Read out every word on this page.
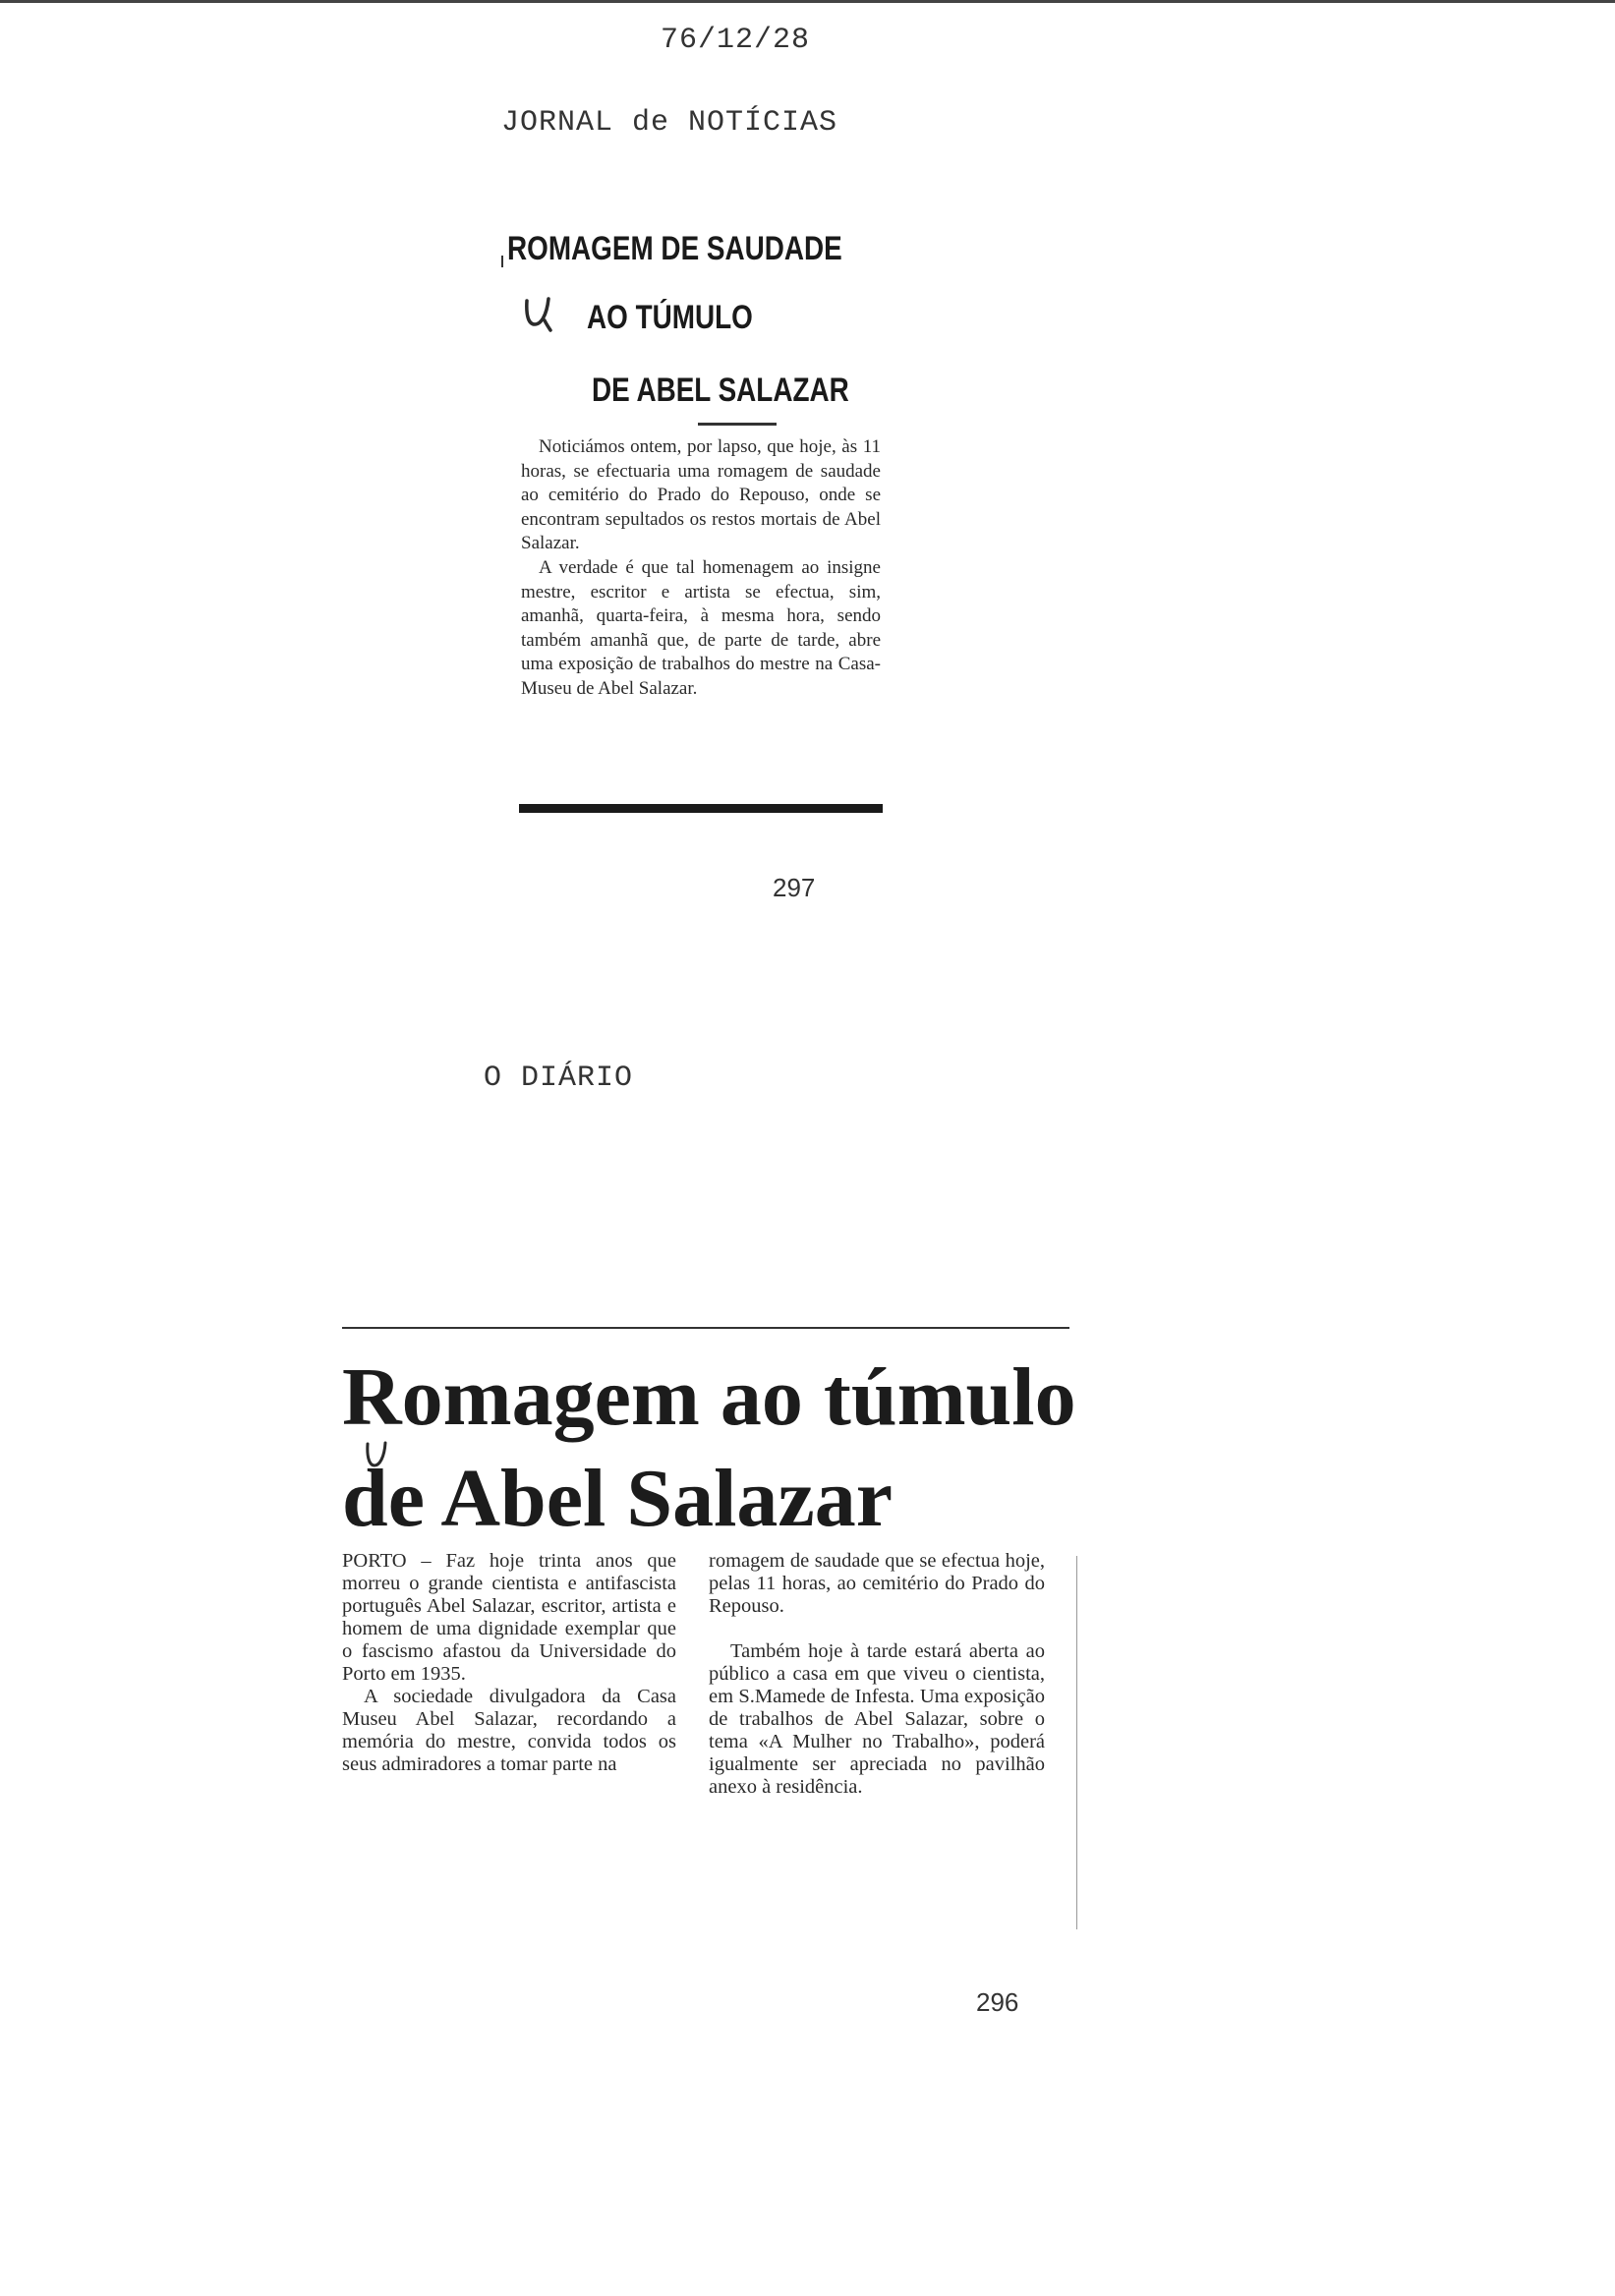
76/12/28
JORNAL de NOTÍCIAS
ROMAGEM DE SAUDADE
AO TÚMULO
DE ABEL SALAZAR

Noticiámos ontem, por lapso, que hoje, às 11 horas, se efectuaria uma romagem de saudade ao cemitério do Prado do Repouso, onde se encontram sepultados os restos mortais de Abel Salazar.

A verdade é que tal homenagem ao insigne mestre, escritor e artista se efectua, sim, amanhã, quarta-feira, à mesma hora, sendo também amanhã que, de parte de tarde, abre uma exposição de trabalhos do mestre na Casa-Museu de Abel Salazar.

297
O DIÁRIO
Romagem ao túmulo
de Abel Salazar

PORTO – Faz hoje trinta anos que morreu o grande cientista e antifascista português Abel Salazar, escritor, artista e homem de uma dignidade exemplar que o fascismo afastou da Universidade do Porto em 1935.

A sociedade divulgadora da Casa Museu Abel Salazar, recordando a memória do mestre, convida todos os seus admiradores a tomar parte na

romagem de saudade que se efectua hoje, pelas 11 horas, ao cemitério do Prado do Repouso.

Também hoje à tarde estará aberta ao público a casa em que viveu o cientista, em S.Mamede de Infesta. Uma exposição de trabalhos de Abel Salazar, sobre o tema «A Mulher no Trabalho», poderá igualmente ser apreciada no pavilhão anexo à residência.

296
